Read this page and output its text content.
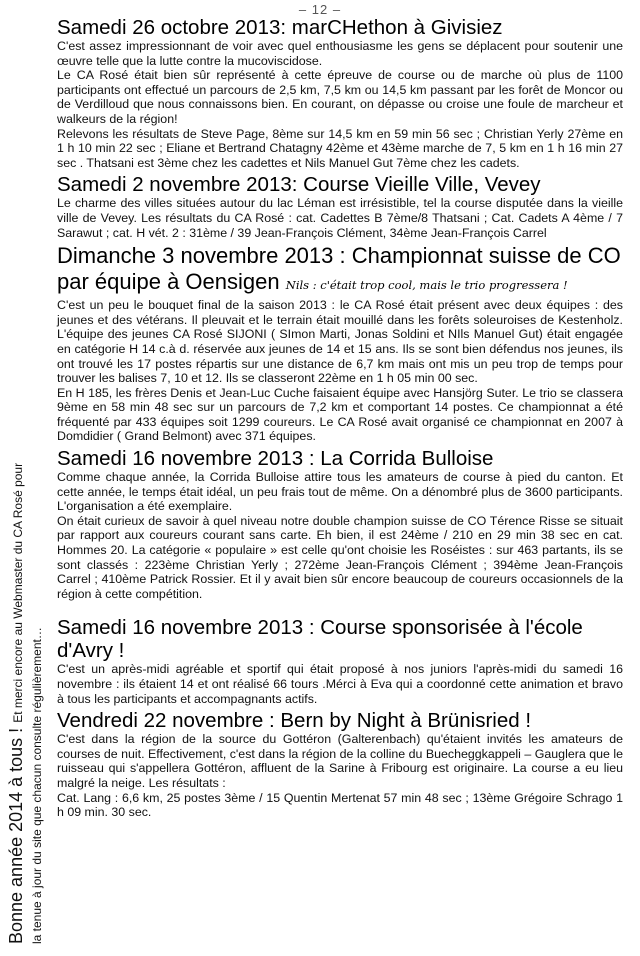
– 12 –
Bonne année 2014 à tous ! Et merci encore au Webmaster du CA Rosé pour
la tenue à jour du site que chacun consulte régulièrement…
Samedi 26 octobre 2013: marCHethon à Givisiez

C'est assez impressionnant de voir avec quel enthousiasme les gens se déplacent pour soutenir une œuvre telle que la lutte contre la mucoviscidose.

Le CA Rosé était bien sûr représenté à cette épreuve de course ou de marche où plus de 1100 participants ont effectué un parcours de 2,5 km, 7,5 km ou 14,5 km passant par les forêt de Moncor ou de Verdilloud que nous connaissons bien. En courant, on dépasse ou croise une foule de marcheur et walkeurs de la région!

Relevons les résultats de Steve Page, 8ème sur 14,5 km en 59 min 56 sec ; Christian Yerly 27ème en 1 h 10 min 22 sec ; Eliane et Bertrand Chatagny 42ème et 43ème marche de 7, 5 km en 1 h 16 min 27 sec . Thatsani est 3ème chez les cadettes et Nils Manuel Gut 7ème chez les cadets.

Samedi 2 novembre 2013: Course Vieille Ville, Vevey

Le charme des villes situées autour du lac Léman est irrésistible, tel la course disputée dans la vieille ville de Vevey. Les résultats du CA Rosé : cat. Cadettes B 7ème/8 Thatsani ; Cat. Cadets A 4ème / 7 Sarawut ; cat. H vét. 2 : 31ème / 39 Jean-François Clément, 34ème Jean-François Carrel

Dimanche 3 novembre 2013 : Championnat suisse de CO par équipe à Oensigen Nils : c'était trop cool, mais le trio progressera !

C'est un peu le bouquet final de la saison 2013 : le CA Rosé était présent avec deux équipes : des jeunes et des vétérans. Il pleuvait et le terrain était mouillé dans les forêts soleuroises de Kestenholz. L'équipe des jeunes CA Rosé SIJONI ( SImon Marti, Jonas Soldini et NIls Manuel Gut) était engagée en catégorie H 14 c.à d. réservée aux jeunes de 14 et 15 ans. Ils se sont bien défendus nos jeunes, ils ont trouvé les 17 postes répartis sur une distance de 6,7 km mais ont mis un peu trop de temps pour trouver les balises 7, 10 et 12. Ils se classeront 22ème en 1 h 05 min 00 sec.

En H 185, les frères Denis et Jean-Luc Cuche faisaient équipe avec Hansjörg Suter. Le trio se classera 9ème en 58 min 48 sec sur un parcours de 7,2 km et comportant 14 postes. Ce championnat a été fréquenté par 433 équipes soit 1299 coureurs. Le CA Rosé avait organisé ce championnat en 2007 à Domdidier ( Grand Belmont) avec 371 équipes.

Samedi 16 novembre 2013 : La Corrida Bulloise

Comme chaque année, la Corrida Bulloise attire tous les amateurs de course à pied du canton. Et cette année, le temps était idéal, un peu frais tout de même. On a dénombré plus de 3600 participants. L'organisation a été exemplaire.

On était curieux de savoir à quel niveau notre double champion suisse de CO Térence Risse se situait par rapport aux coureurs courant sans carte. Eh bien, il est 24ème / 210 en 29 min 38 sec en cat. Hommes 20. La catégorie « populaire » est celle qu'ont choisie les Roséistes : sur 463 partants, ils se sont classés : 223ème Christian Yerly ; 272ème Jean-François Clément ; 394ème Jean-François Carrel ; 410ème Patrick Rossier. Et il y avait bien sûr encore beaucoup de coureurs occasionnels de la région à cette compétition.

Samedi 16 novembre 2013 : Course sponsorisée à l'école d'Avry !

C'est un après-midi agréable et sportif qui était proposé à nos juniors l'après-midi du samedi 16 novembre : ils étaient 14 et ont réalisé 66 tours .Mérci à Eva qui a coordonné cette animation et bravo à tous les participants et accompagnants actifs.

Vendredi 22 novembre : Bern by Night à Brünisried !

C'est dans la région de la source du Gottéron (Galterenbach) qu'étaient invités les amateurs de courses de nuit. Effectivement, c'est dans la région de la colline du Buecheggkappeli – Gauglera que le ruisseau qui s'appellera Gottéron, affluent de la Sarine à Fribourg est originaire. La course a eu lieu malgré la neige. Les résultats :

Cat. Lang : 6,6 km, 25 postes 3ème / 15 Quentin Mertenat 57 min 48 sec ; 13ème Grégoire Schrago 1 h 09 min. 30 sec.
